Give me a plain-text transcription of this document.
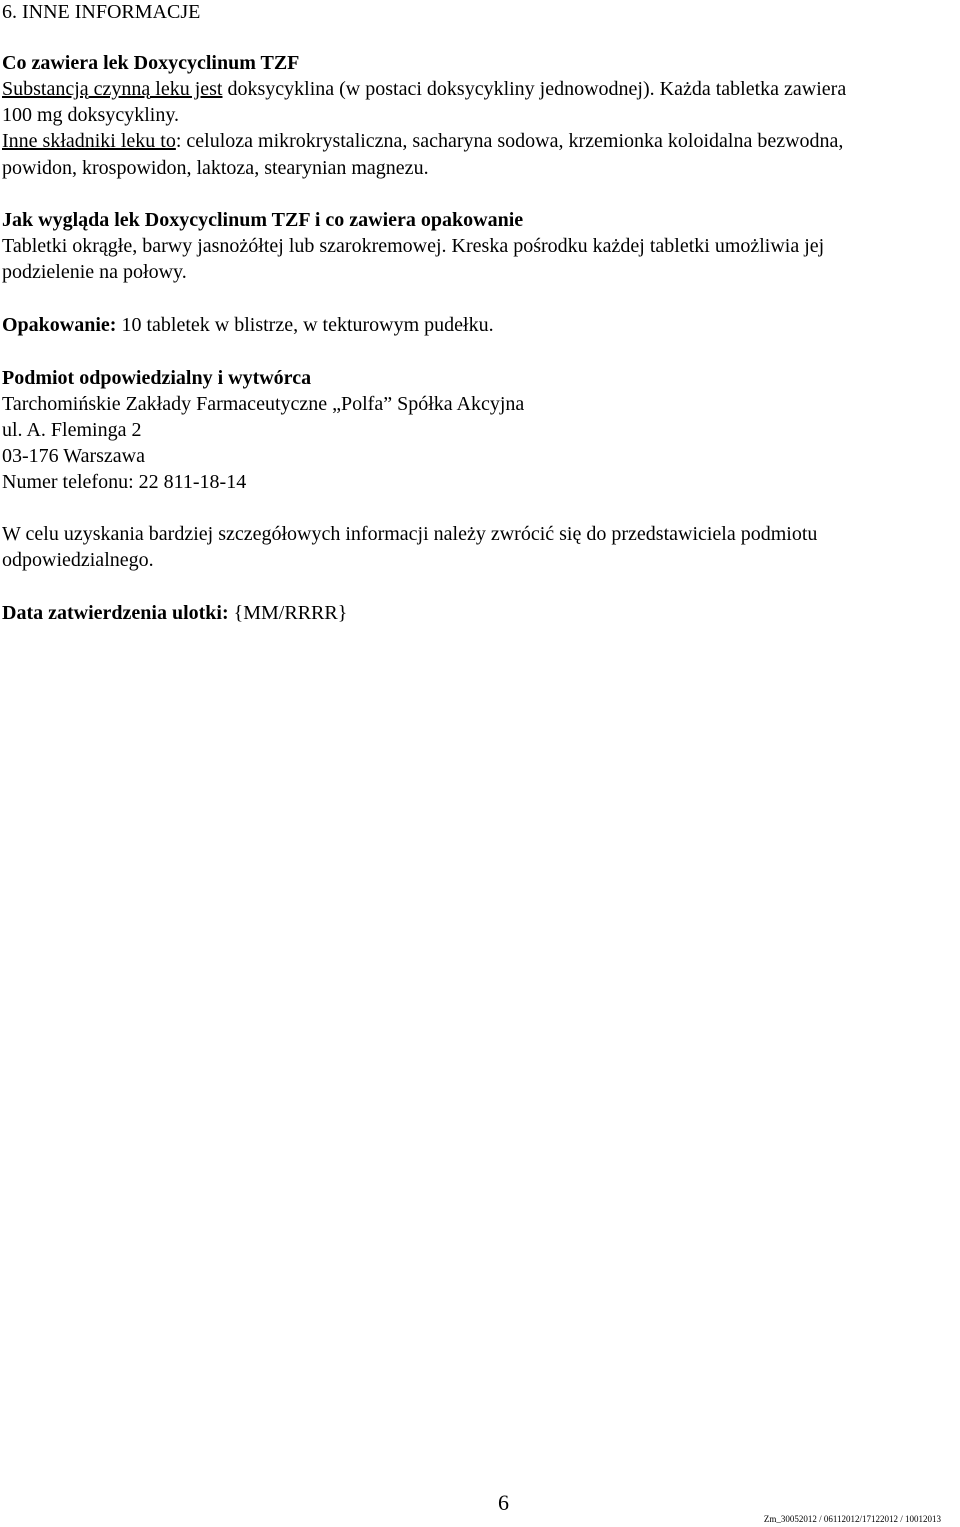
6. INNE INFORMACJE
Co zawiera lek Doxycyclinum TZF
Substancją czynną leku jest doksycyklina (w postaci doksycykliny jednowodnej). Każda tabletka zawiera
100 mg doksycykliny.
Inne składniki leku to: celuloza mikrokrystaliczna, sacharyna sodowa, krzemionka koloidalna bezwodna,
powidon, krospowidon, laktoza, stearynian magnezu.
Jak wygląda lek Doxycyclinum TZF i co zawiera opakowanie
Tabletki okrągłe, barwy jasnożółtej lub szarokremowej. Kreska pośrodku każdej tabletki umożliwia jej
podzielenie na połowy.
Opakowanie: 10 tabletek w blistrze, w tekturowym pudełku.
Podmiot odpowiedzialny i wytwórca
Tarchomińskie Zakłady Farmaceutyczne „Polfa” Spółka Akcyjna
ul. A. Fleminga 2
03-176 Warszawa
Numer telefonu: 22 811-18-14
W celu uzyskania bardziej szczegółowych informacji należy zwrócić się do przedstawiciela podmiotu
odpowiedzialnego.
Data zatwierdzenia ulotki: {MM/RRRR}
6
Zm_30052012 / 06112012/17122012 / 10012013
